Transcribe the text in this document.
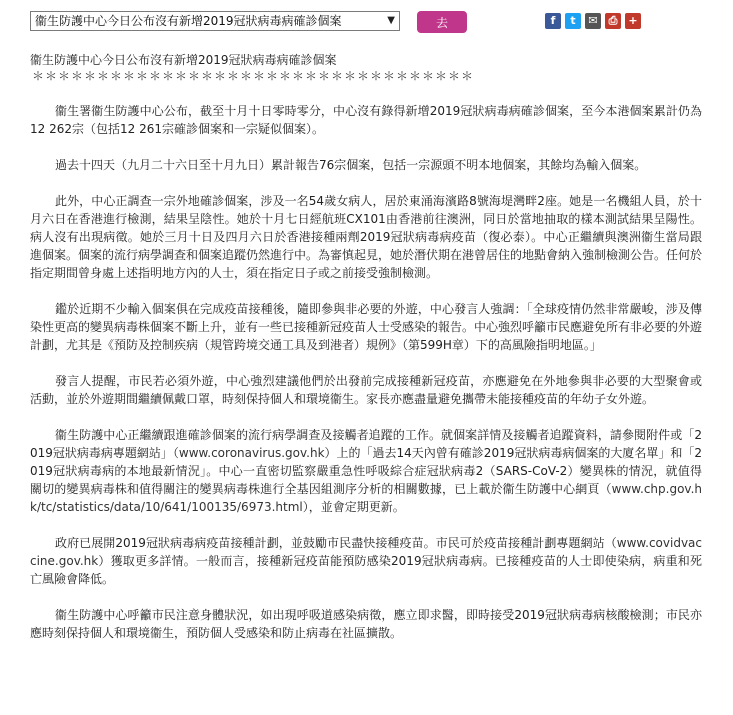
衞生防護中心今日公布沒有新增2019冠狀病毒病確診個案	▼	去	f	t	✉ ⎙ +

衞生防護中心今日公布沒有新增2019冠狀病毒病確診個案

＊＊＊＊＊＊＊＊＊＊＊＊＊＊＊＊＊＊＊＊＊＊＊＊＊＊＊＊＊＊＊＊＊＊

衞生署衞生防護中心公布，截至十月十日零時零分，中心沒有錄得新增2019冠狀病毒病確診個案，至今本港個案累計仍為12 262宗（包括12 261宗確診個案和一宗疑似個案）。

過去十四天（九月二十六日至十月九日）累計報告76宗個案，包括一宗源頭不明本地個案，其餘均為輸入個案。

此外，中心正調查一宗外地確診個案，涉及一名54歲女病人，居於東涌海濱路8號海堤灣畔2座。她是一名機組人員，於十月六日在香港進行檢測，結果呈陰性。她於十月七日經航班CX101由香港前往澳洲，同日於當地抽取的樣本測試結果呈陽性。病人沒有出現病徵。她於三月十日及四月六日於香港接種兩劑2019冠狀病毒病疫苗（復必泰）。中心正繼續與澳洲衞生當局跟進個案。個案的流行病學調查和個案追蹤仍然進行中。為審慎起見，她於潛伏期在港曾居住的地點會納入強制檢測公告。任何於指定期間曾身處上述指明地方內的人士，須在指定日子或之前接受強制檢測。

鑑於近期不少輸入個案俱在完成疫苗接種後，隨即參與非必要的外遊，中心發言人強調：「全球疫情仍然非常嚴峻，涉及傳染性更高的變異病毒株個案不斷上升，並有一些已接種新冠疫苗人士受感染的報告。中心強烈呼籲市民應避免所有非必要的外遊計劃，尤其是《預防及控制疾病（規管跨境交通工具及到港者）規例》（第599H章）下的高風險指明地區。」

發言人提醒，市民若必須外遊，中心強烈建議他們於出發前完成接種新冠疫苗，亦應避免在外地參與非必要的大型聚會或活動，並於外遊期間繼續佩戴口罩，時刻保持個人和環境衞生。家長亦應盡量避免攜帶未能接種疫苗的年幼子女外遊。

衞生防護中心正繼續跟進確診個案的流行病學調查及接觸者追蹤的工作。就個案詳情及接觸者追蹤資料，請參閱附件或「2019冠狀病毒病專題網站」（www.coronavirus.gov.hk）上的「過去14天內曾有確診2019冠狀病毒病個案的大廈名單」和「2019冠狀病毒病的本地最新情況」。中心一直密切監察嚴重急性呼吸綜合症冠狀病毒2（SARS-CoV-2）變異株的情況，就值得關切的變異病毒株和值得關注的變異病毒株進行全基因組測序分析的相關數據，已上載於衞生防護中心網頁（www.chp.gov.hk/tc/statistics/data/10/641/100135/6973.html），並會定期更新。

政府已展開2019冠狀病毒病疫苗接種計劃，並鼓勵市民盡快接種疫苗。市民可於疫苗接種計劃專題網站（www.covidvaccine.gov.hk）獲取更多詳情。一般而言，接種新冠疫苗能預防感染2019冠狀病毒病。已接種疫苗的人士即使染病，病重和死亡風險會降低。

衞生防護中心呼籲市民注意身體狀況，如出現呼吸道感染病徵，應立即求醫，即時接受2019冠狀病毒病核酸檢測；市民亦應時刻保持個人和環境衞生，預防個人受感染和防止病毒在社區擴散。
